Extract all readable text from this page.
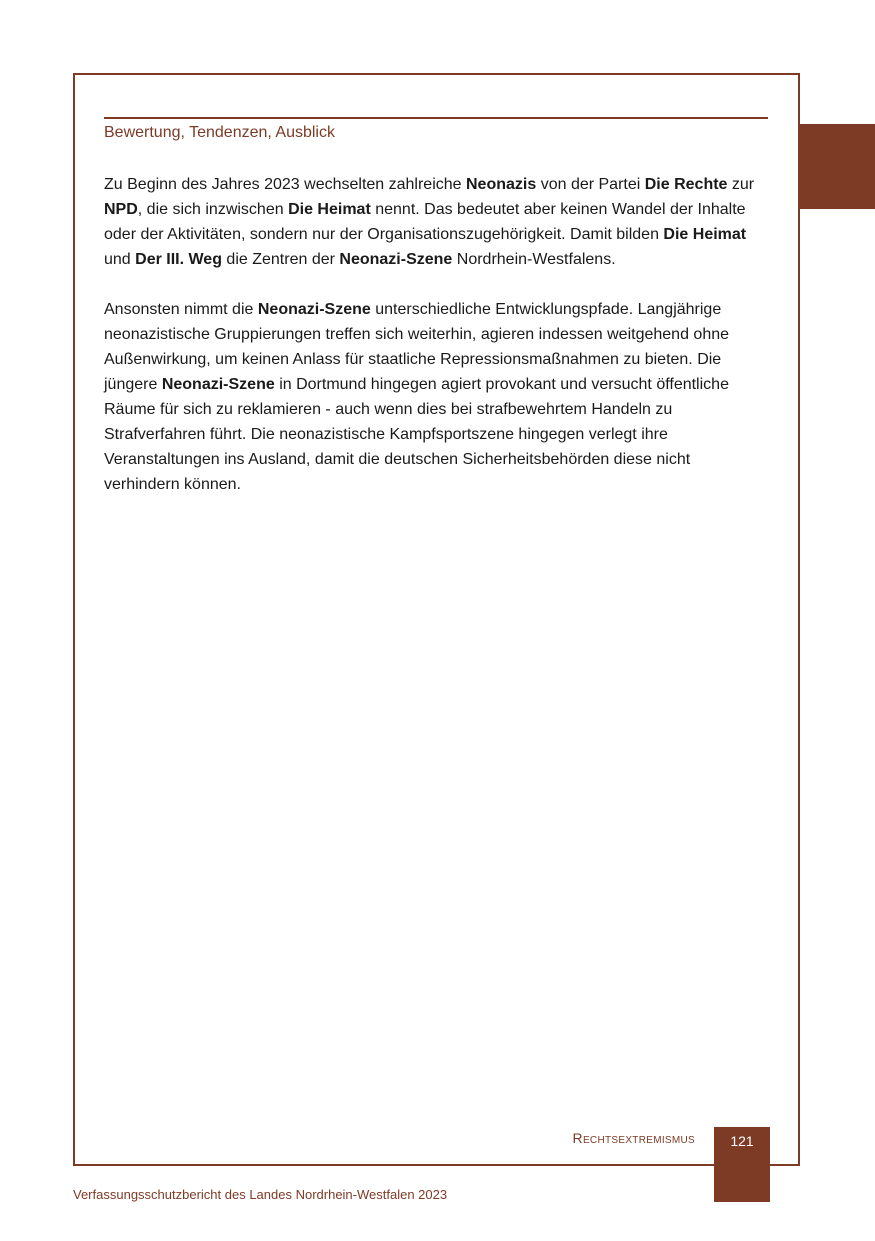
Bewertung, Tendenzen, Ausblick

Zu Beginn des Jahres 2023 wechselten zahlreiche Neonazis von der Partei Die Rechte zur NPD, die sich inzwischen Die Heimat nennt. Das bedeutet aber keinen Wandel der Inhalte oder der Aktivitäten, sondern nur der Organisationszugehörigkeit. Damit bilden Die Heimat und Der III. Weg die Zentren der Neonazi-Szene Nordrhein-Westfalens.

Ansonsten nimmt die Neonazi-Szene unterschiedliche Entwicklungspfade. Langjährige neonazistische Gruppierungen treffen sich weiterhin, agieren indessen weitgehend ohne Außenwirkung, um keinen Anlass für staatliche Repressionsmaßnahmen zu bieten. Die jüngere Neonazi-Szene in Dortmund hingegen agiert provokant und versucht öffentliche Räume für sich zu reklamieren - auch wenn dies bei strafbewehrtem Handeln zu Strafverfahren führt. Die neonazistische Kampfsportszene hingegen verlegt ihre Veranstaltungen ins Ausland, damit die deutschen Sicherheitsbehörden diese nicht verhindern können.

Rechtsextremismus	121
Verfassungsschutzbericht des Landes Nordrhein-Westfalen 2023
